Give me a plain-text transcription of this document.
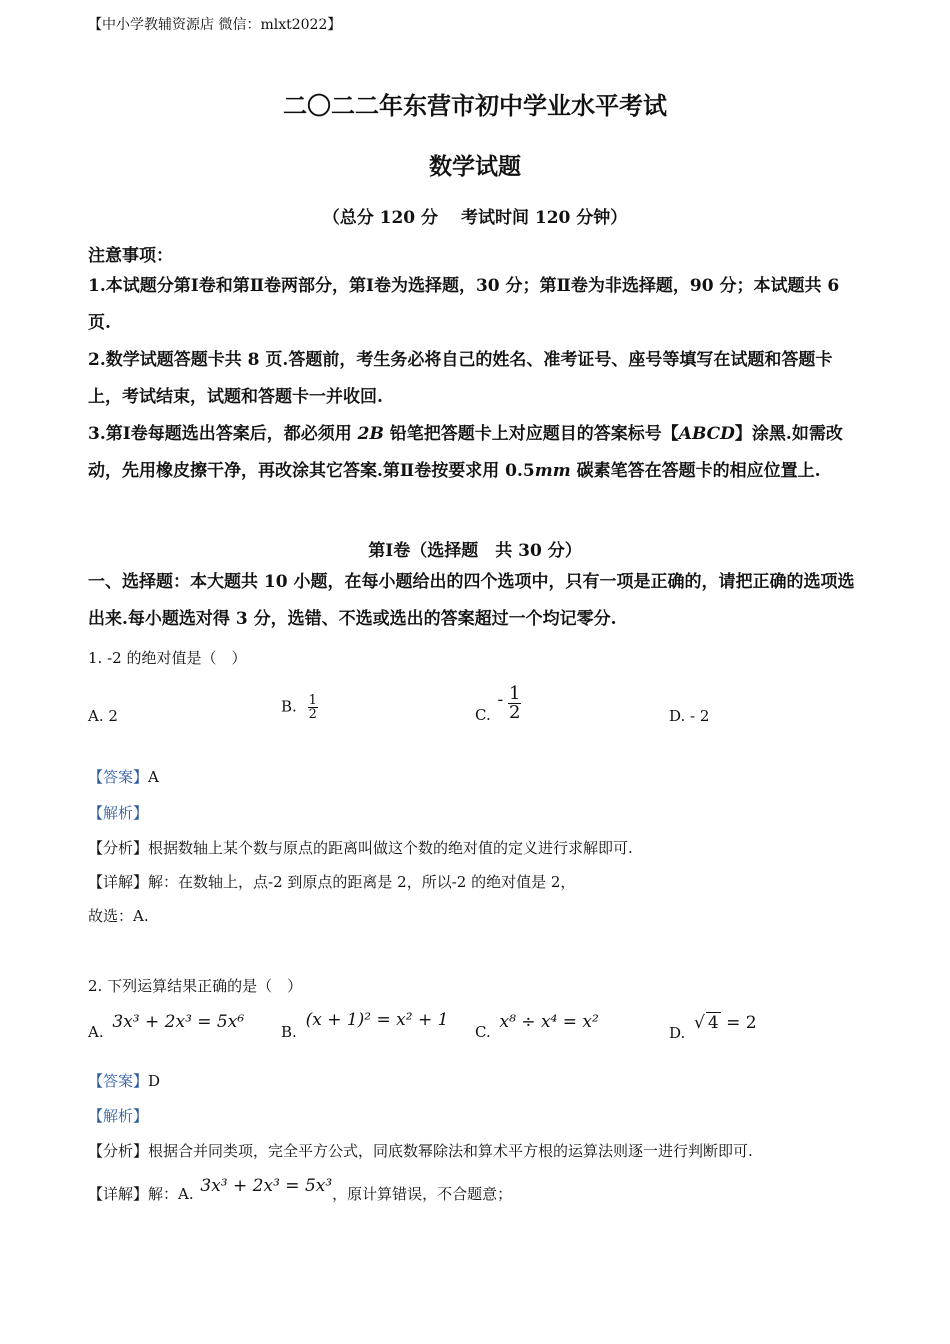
【中小学教辅资源店 微信：mlxt2022】
二〇二二年东营市初中学业水平考试
数学试题
（总分 120 分　 考试时间 120 分钟）
注意事项：
1.本试题分第Ⅰ卷和第Ⅱ卷两部分，第Ⅰ卷为选择题，30 分；第Ⅱ卷为非选择题，90 分；本试题共 6 页.
2.数学试题答题卡共 8 页.答题前，考生务必将自己的姓名、准考证号、座号等填写在试题和答题卡上，考试结束，试题和答题卡一并收回.
3.第Ⅰ卷每题选出答案后，都必须用 2B 铅笔把答题卡上对应题目的答案标号【ABCD】涂黑.如需改动，先用橡皮擦干净，再改涂其它答案.第Ⅱ卷按要求用 0.5mm 碳素笔答在答题卡的相应位置上.
第Ⅰ卷（选择题　共 30 分）
一、选择题：本大题共 10 小题，在每小题给出的四个选项中，只有一项是正确的，请把正确的选项选出来.每小题选对得 3 分，选错、不选或选出的答案超过一个均记零分.
1. -2 的绝对值是（　）
A. 2
B. $\frac{1}{2}$	C. - $\frac{1}{2}$	D. - 2
【答案】A
【解析】
【分析】根据数轴上某个数与原点的距离叫做这个数的绝对值的定义进行求解即可.
【详解】解：在数轴上，点-2 到原点的距离是 2，所以-2 的绝对值是 2，
故选：A.
2. 下列运算结果正确的是（　）
A. 3x³ + 2x³ = 5x⁶ B. (x + 1)² = x² + 1
C. x⁸ ÷ x⁴ = x²
D. √ 4 = 2
【答案】D
【解析】
【分析】根据合并同类项，完全平方公式，同底数幂除法和算术平方根的运算法则逐一进行判断即可.
【详解】解：A. 3x³ + 2x³ = 5x³，原计算错误，不合题意；
